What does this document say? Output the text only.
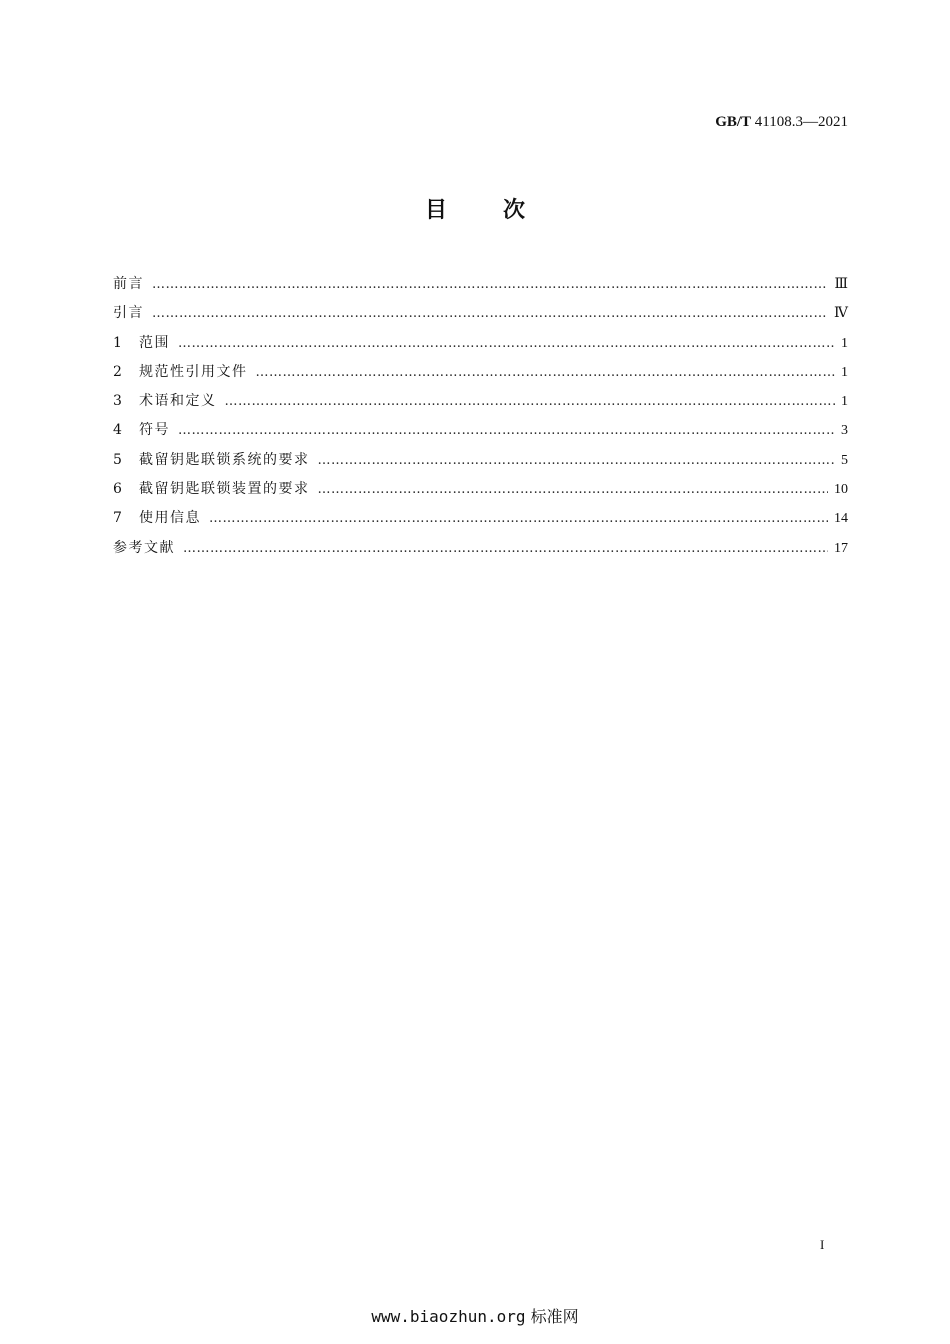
GB/T 41108.3—2021
目	次
前言 ……………………………………………………………………………………………………………………………………………………………………………………………………………………	Ⅲ
引言 ……………………………………………………………………………………………………………………………………………………………………………………………………………………	Ⅳ
1	范围 ……………………………………………………………………………………………………………………………………………………………………………………………………………………	1
2	规范性引用文件 ……………………………………………………………………………………………………………………………………………………………………………………………………………………	1
3	术语和定义 ……………………………………………………………………………………………………………………………………………………………………………………………………………………	1
4	符号 ……………………………………………………………………………………………………………………………………………………………………………………………………………………	3
5	截留钥匙联锁系统的要求 ……………………………………………………………………………………………………………………………………………………………………………………………………………………	5
6	截留钥匙联锁装置的要求 ……………………………………………………………………………………………………………………………………………………………………………………………………………………	10
7	使用信息 ……………………………………………………………………………………………………………………………………………………………………………………………………………………	14
参考文献 ……………………………………………………………………………………………………………………………………………………………………………………………………………………	17
I
www.biaozhun.org 标准网
